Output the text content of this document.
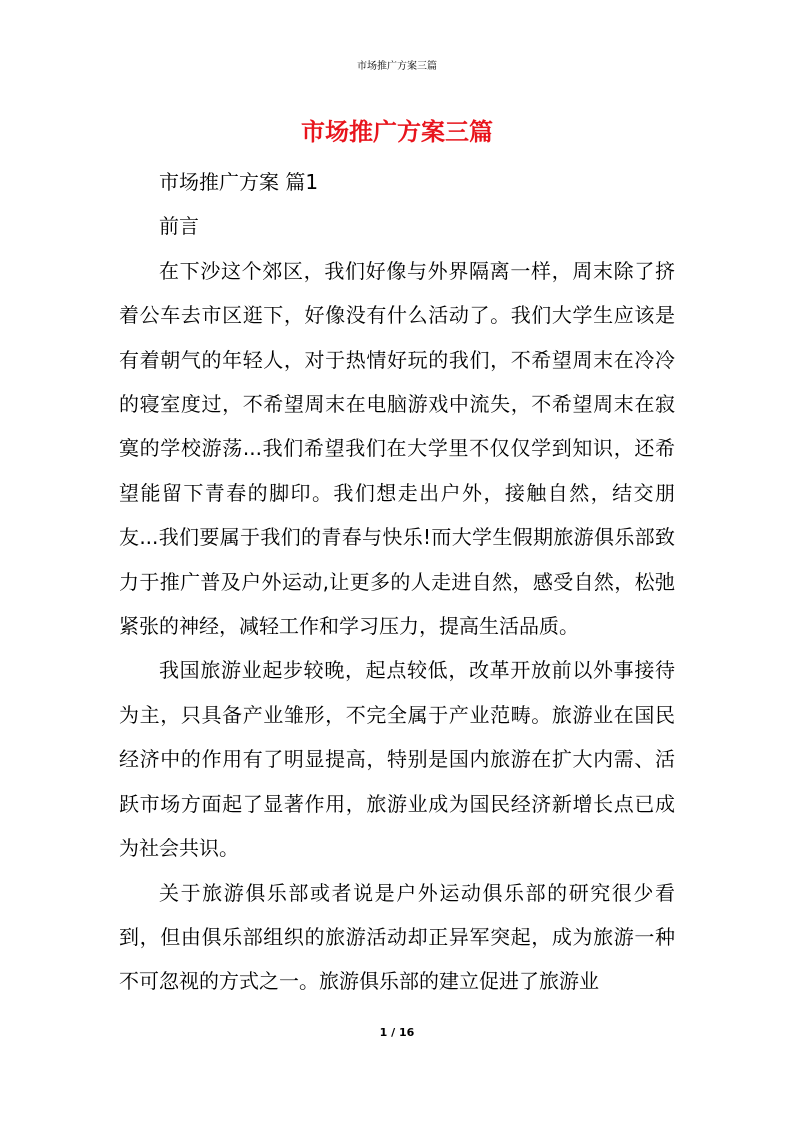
市场推广方案三篇
市场推广方案三篇

市场推广方案 篇1

前言

在下沙这个郊区，我们好像与外界隔离一样，周末除了挤着公车去市区逛下，好像没有什么活动了。我们大学生应该是有着朝气的年轻人，对于热情好玩的我们，不希望周末在冷冷的寝室度过，不希望周末在电脑游戏中流失，不希望周末在寂寞的学校游荡...我们希望我们在大学里不仅仅学到知识，还希望能留下青春的脚印。我们想走出户外，接触自然，结交朋友...我们要属于我们的青春与快乐!而大学生假期旅游俱乐部致力于推广普及户外运动,让更多的人走进自然，感受自然，松弛紧张的神经，减轻工作和学习压力，提高生活品质。

我国旅游业起步较晚，起点较低，改革开放前以外事接待为主，只具备产业雏形，不完全属于产业范畴。旅游业在国民经济中的作用有了明显提高，特别是国内旅游在扩大内需、活跃市场方面起了显著作用，旅游业成为国民经济新增长点已成为社会共识。

关于旅游俱乐部或者说是户外运动俱乐部的研究很少看到，但由俱乐部组织的旅游活动却正异军突起，成为旅游一种不可忽视的方式之一。旅游俱乐部的建立促进了旅游业

1 / 16
